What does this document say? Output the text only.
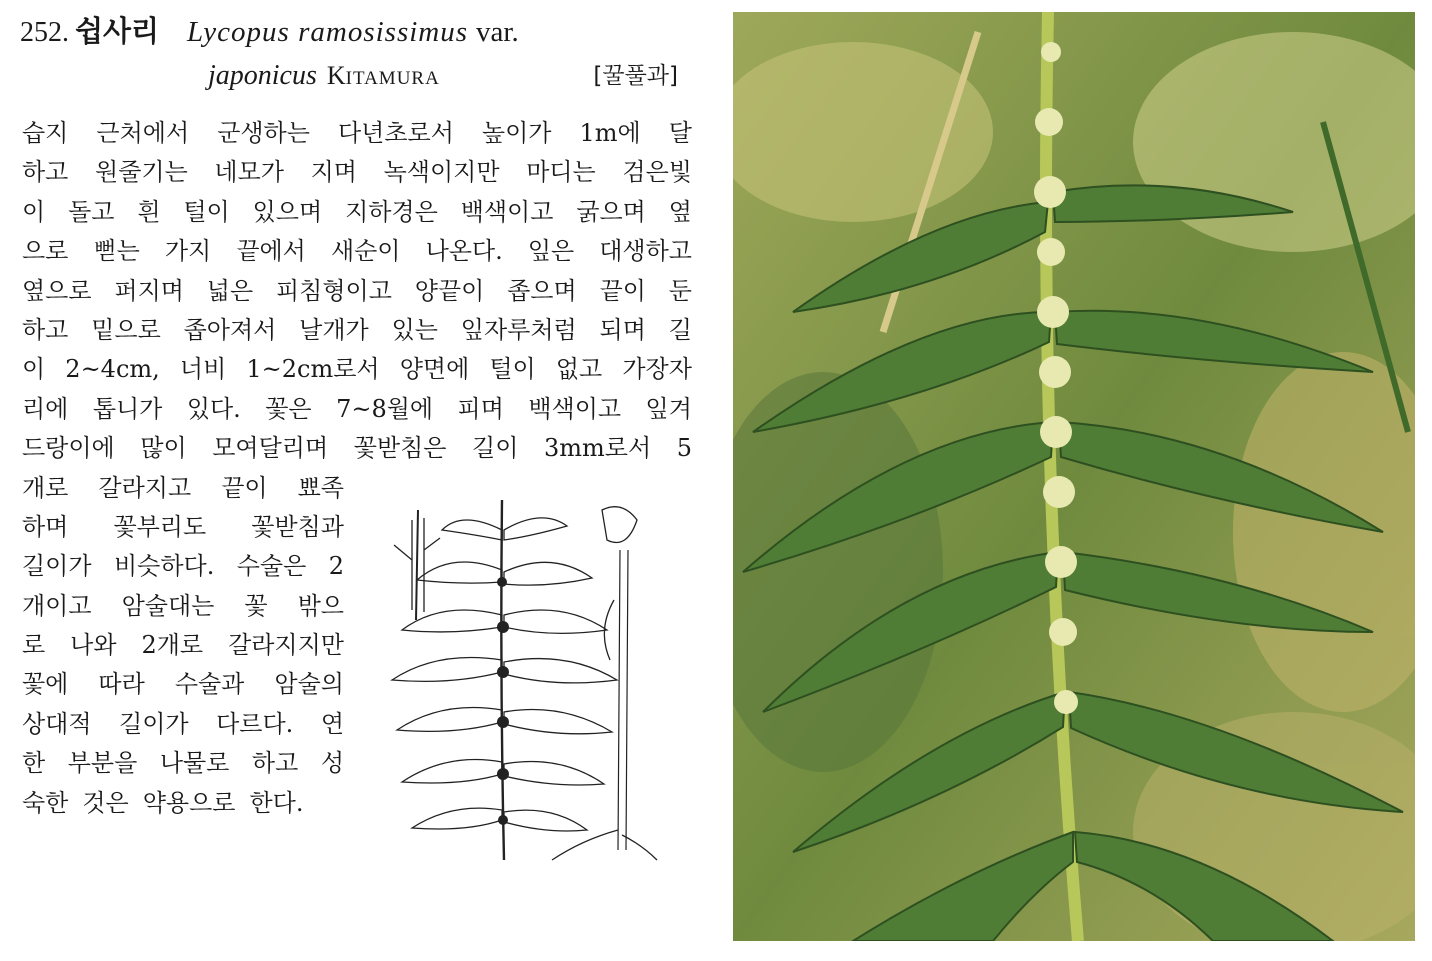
252. 쉽사리 Lycopus ramosissimus var.
japonicus KITAMURA	[꿀풀과]
습지 근처에서 군생하는 다년초로서 높이가 1m에 달
하고 원줄기는 네모가 지며 녹색이지만 마디는 검은빛
이 돌고 흰 털이 있으며 지하경은 백색이고 굵으며 옆
으로 뻗는 가지 끝에서 새순이 나온다. 잎은 대생하고
옆으로 퍼지며 넓은 피침형이고 양끝이 좁으며 끝이 둔
하고 밑으로 좁아져서 날개가 있는 잎자루처럼 되며 길
이 2~4cm, 너비 1~2cm로서 양면에 털이 없고 가장자
리에 톱니가 있다. 꽃은 7~8월에 피며 백색이고 잎겨
드랑이에 많이 모여달리며 꽃받침은 길이 3mm로서 5
개로 갈라지고 끝이 뾰족
하며 꽃부리도 꽃받침과
길이가 비슷하다. 수술은 2
개이고 암술대는 꽃 밖으
로 나와 2개로 갈라지지만
꽃에 따라 수술과 암술의
상대적 길이가 다르다. 연
한 부분을 나물로 하고 성
숙한 것은 약용으로 한다.
